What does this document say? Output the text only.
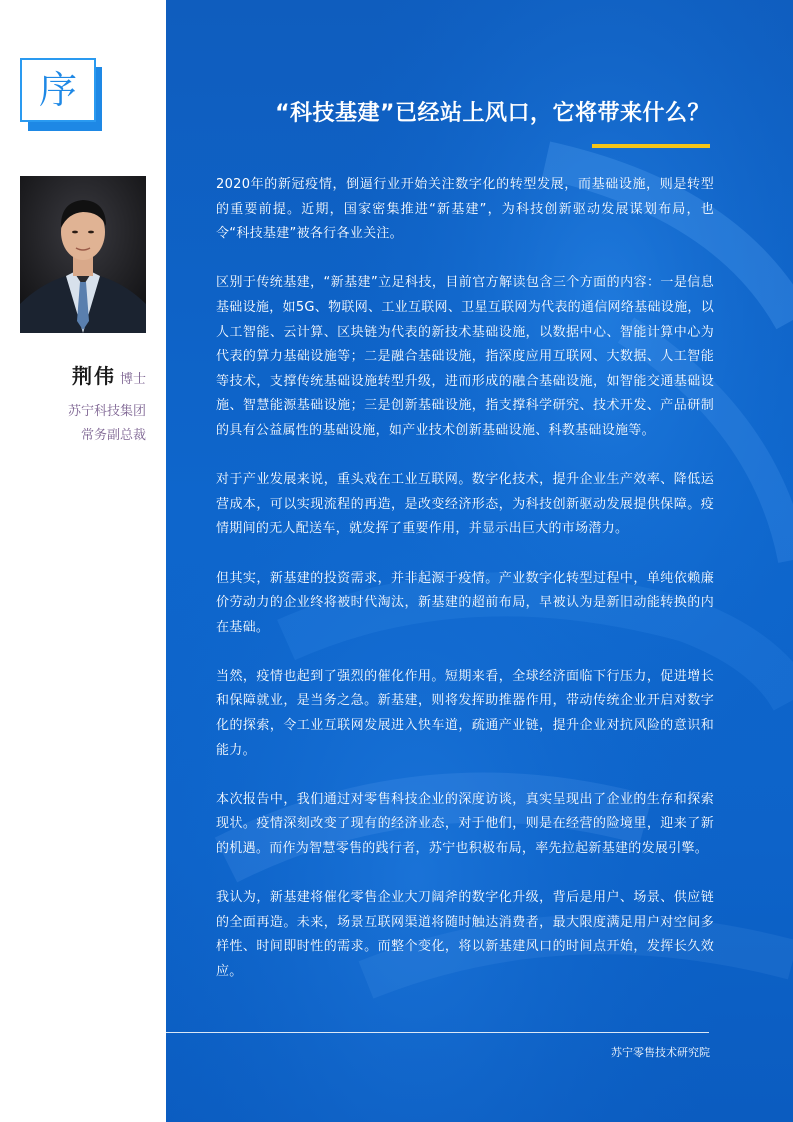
序
荆伟 博士
苏宁科技集团
常务副总裁
“科技基建”已经站上风口，它将带来什么？

2020年的新冠疫情，倒逼行业开始关注数字化的转型发展，而基础设施，则是转型的重要前提。近期，国家密集推进“新基建”，为科技创新驱动发展谋划布局，也令“科技基建”被各行各业关注。

区别于传统基建，“新基建”立足科技，目前官方解读包含三个方面的内容：一是信息基础设施，如5G、物联网、工业互联网、卫星互联网为代表的通信网络基础设施，以人工智能、云计算、区块链为代表的新技术基础设施，以数据中心、智能计算中心为代表的算力基础设施等；二是融合基础设施，指深度应用互联网、大数据、人工智能等技术，支撑传统基础设施转型升级，进而形成的融合基础设施，如智能交通基础设施、智慧能源基础设施；三是创新基础设施，指支撑科学研究、技术开发、产品研制的具有公益属性的基础设施，如产业技术创新基础设施、科教基础设施等。

对于产业发展来说，重头戏在工业互联网。数字化技术，提升企业生产效率、降低运营成本，可以实现流程的再造，是改变经济形态，为科技创新驱动发展提供保障。疫情期间的无人配送车，就发挥了重要作用，并显示出巨大的市场潜力。

但其实，新基建的投资需求，并非起源于疫情。产业数字化转型过程中，单纯依赖廉价劳动力的企业终将被时代淘汰，新基建的超前布局，早被认为是新旧动能转换的内在基础。

当然，疫情也起到了强烈的催化作用。短期来看，全球经济面临下行压力，促进增长和保障就业，是当务之急。新基建，则将发挥助推器作用，带动传统企业开启对数字化的探索，令工业互联网发展进入快车道，疏通产业链，提升企业对抗风险的意识和能力。

本次报告中，我们通过对零售科技企业的深度访谈，真实呈现出了企业的生存和探索现状。疫情深刻改变了现有的经济业态，对于他们，则是在经营的险境里，迎来了新的机遇。而作为智慧零售的践行者，苏宁也积极布局，率先拉起新基建的发展引擎。

我认为，新基建将催化零售企业大刀阔斧的数字化升级，背后是用户、场景、供应链的全面再造。未来，场景互联网渠道将随时触达消费者，最大限度满足用户对空间多样性、时间即时性的需求。而整个变化，将以新基建风口的时间点开始，发挥长久效应。

苏宁零售技术研究院
